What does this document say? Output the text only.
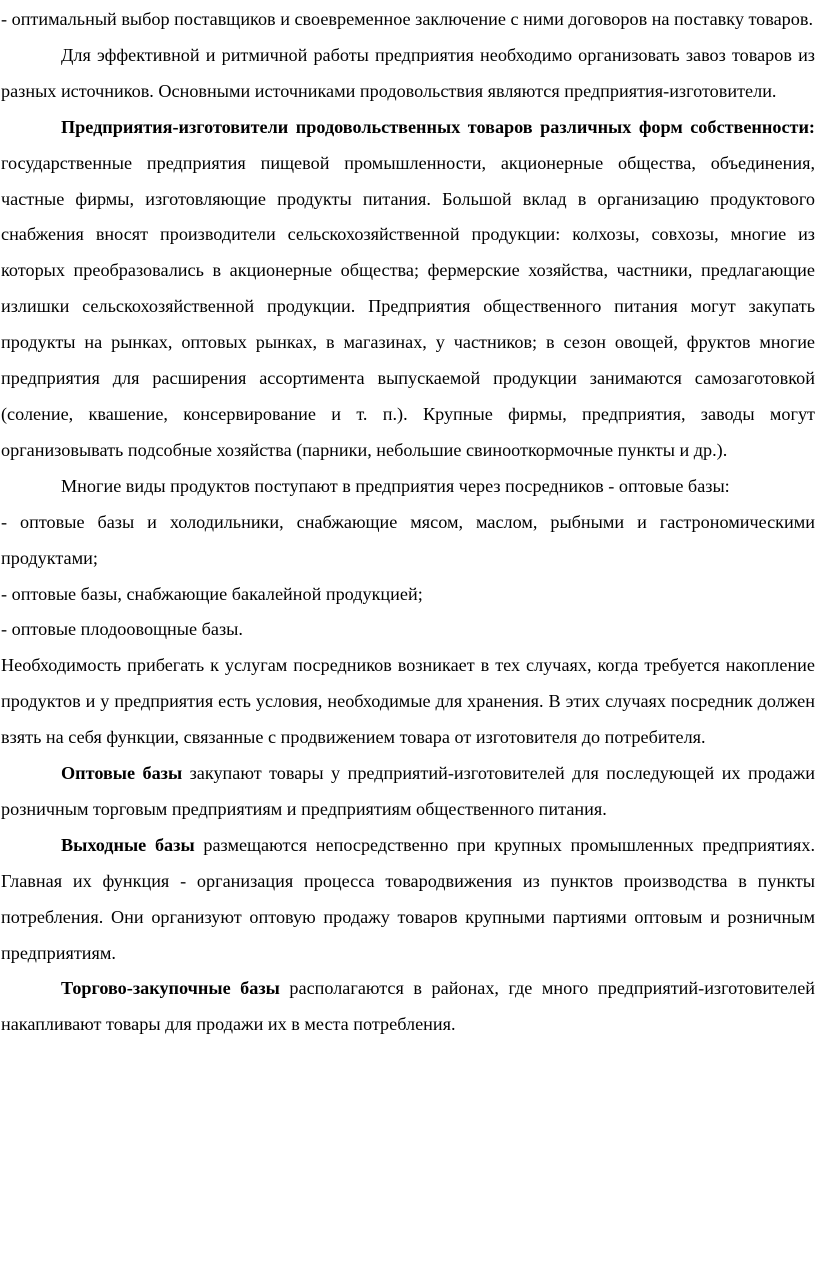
- оптимальный выбор поставщиков и своевременное заключение с ними договоров на поставку товаров.

Для эффективной и ритмичной работы предприятия необходимо организовать завоз товаров из разных источников. Основными источниками продовольствия являются предприятия-изготовители.

Предприятия-изготовители продовольственных товаров различных форм собственности: государственные предприятия пищевой промышленности, акционерные общества, объединения, частные фирмы, изготовляющие продукты питания. Большой вклад в организацию продуктового снабжения вносят производители сельскохозяйственной продукции: колхозы, совхозы, многие из которых преобразовались в акционерные общества; фермерские хозяйства, частники, предлагающие излишки сельскохозяйственной продукции. Предприятия общественного питания могут закупать продукты на рынках, оптовых рынках, в магазинах, у частников; в сезон овощей, фруктов многие предприятия для расширения ассортимента выпускаемой продукции занимаются самозаготовкой (соление, квашение, консервирование и т. п.). Крупные фирмы, предприятия, заводы могут организовывать подсобные хозяйства (парники, небольшие свинооткормочные пункты и др.).

Многие виды продуктов поступают в предприятия через посредников - оптовые базы:

- оптовые базы и холодильники, снабжающие мясом, маслом, рыбными и гастрономическими продуктами;

- оптовые базы, снабжающие бакалейной продукцией;

- оптовые плодоовощные базы.

Необходимость прибегать к услугам посредников возникает в тех случаях, когда требуется накопление продуктов и у предприятия есть условия, необходимые для хранения. В этих случаях посредник должен взять на себя функции, связанные с продвижением товара от изготовителя до потребителя.

Оптовые базы закупают товары у предприятий-изготовителей для последующей их продажи розничным торговым предприятиям и предприятиям общественного питания.

Выходные базы размещаются непосредственно при крупных промышленных предприятиях. Главная их функция - организация процесса товародвижения из пунктов производства в пункты потребления. Они организуют оптовую продажу товаров крупными партиями оптовым и розничным предприятиям.

Торгово-закупочные базы располагаются в районах, где много предприятий-изготовителей накапливают товары для продажи их в места потребления.
